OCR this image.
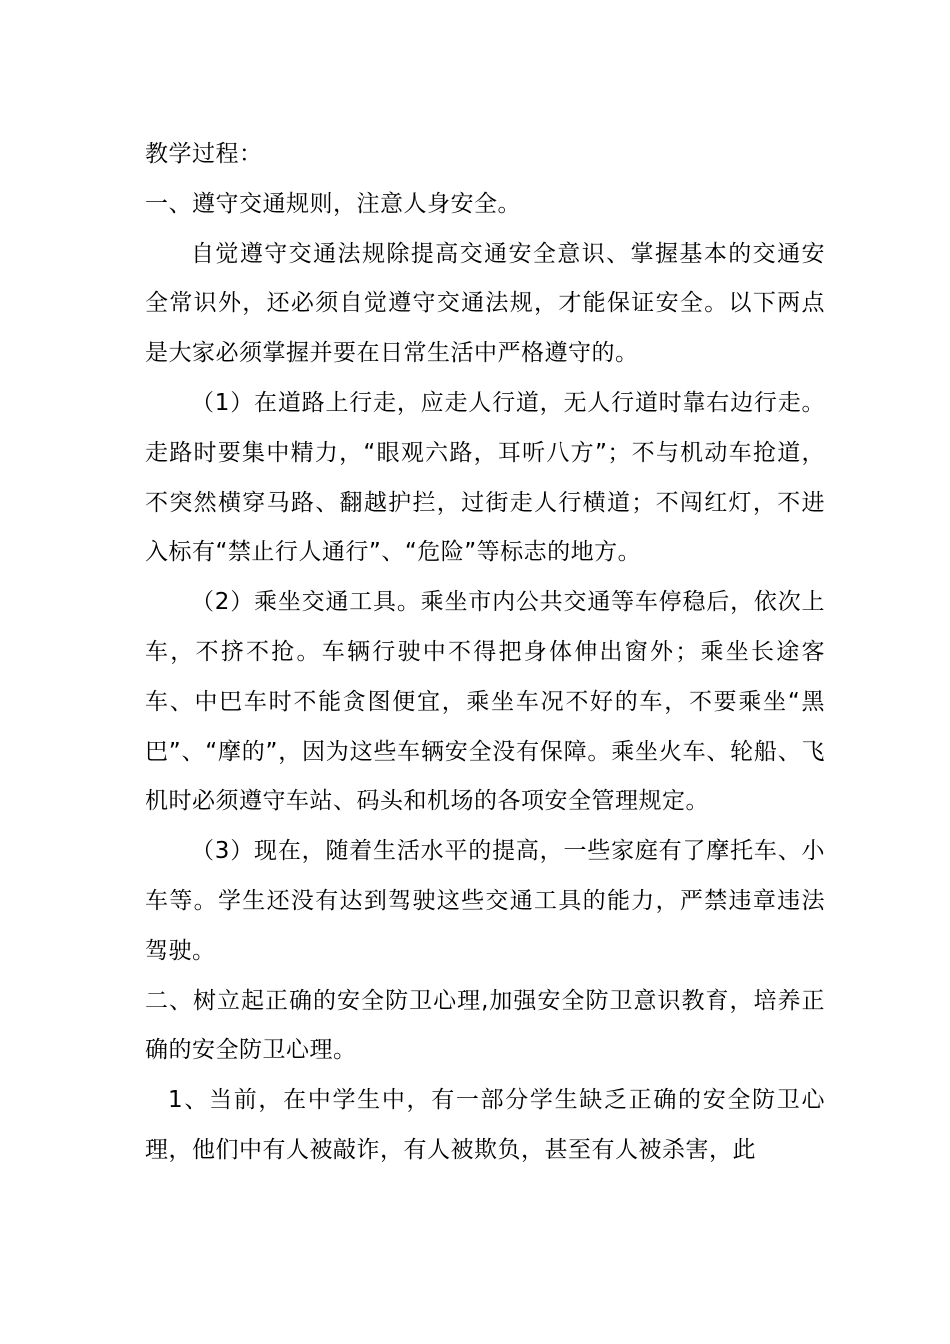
教学过程：

一、遵守交通规则，注意人身安全。

自觉遵守交通法规除提高交通安全意识、掌握基本的交通安全常识外，还必须自觉遵守交通法规，才能保证安全。以下两点是大家必须掌握并要在日常生活中严格遵守的。

（1）在道路上行走，应走人行道，无人行道时靠右边行走。走路时要集中精力，“眼观六路，耳听八方”；不与机动车抢道，不突然横穿马路、翻越护拦，过街走人行横道；不闯红灯，不进入标有“禁止行人通行”、“危险”等标志的地方。

（2）乘坐交通工具。乘坐市内公共交通等车停稳后，依次上车，不挤不抢。车辆行驶中不得把身体伸出窗外；乘坐长途客车、中巴车时不能贪图便宜，乘坐车况不好的车，不要乘坐“黑巴”、“摩的”，因为这些车辆安全没有保障。乘坐火车、轮船、飞机时必须遵守车站、码头和机场的各项安全管理规定。

（3）现在，随着生活水平的提高，一些家庭有了摩托车、小车等。学生还没有达到驾驶这些交通工具的能力，严禁违章违法驾驶。

二、树立起正确的安全防卫心理,加强安全防卫意识教育，培养正确的安全防卫心理。

1、当前，在中学生中，有一部分学生缺乏正确的安全防卫心理，他们中有人被敲诈，有人被欺负，甚至有人被杀害，此
